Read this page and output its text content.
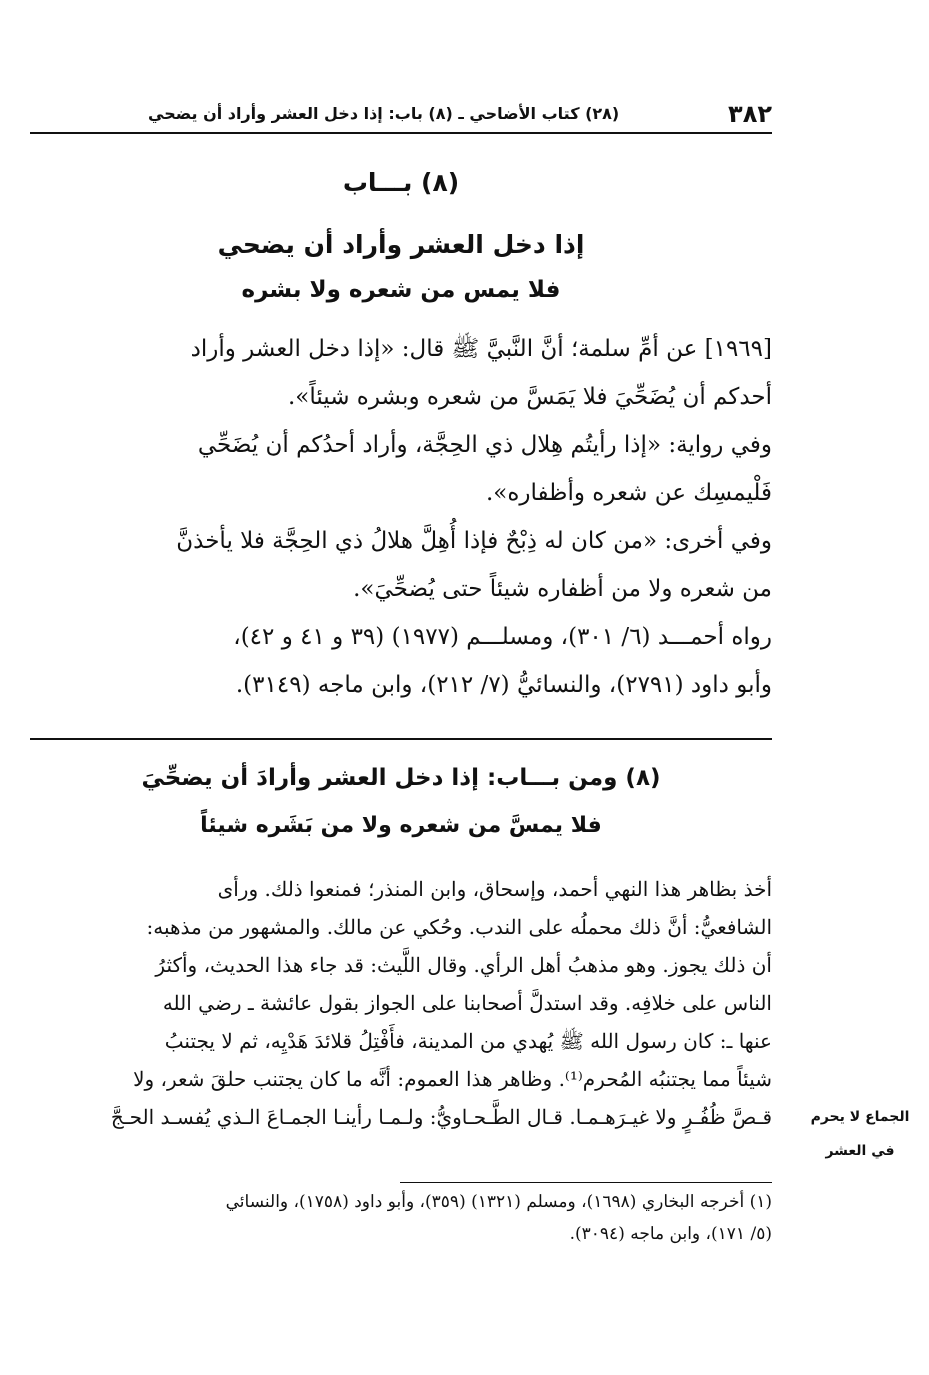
٣٨٢
(٢٨) كتاب الأضاحي ـ (٨) باب: إذا دخل العشر وأراد أن يضحي
(٨) بـــاب
إذا دخل العشر وأراد أن يضحي
فلا يمس من شعره ولا بشره
[١٩٦٩] عن أمِّ سلمة؛ أنَّ النَّبيَّ ﷺ قال: «إذا دخل العشر وأراد
أحدكم أن يُضَحِّيَ فلا يَمَسَّ من شعره وبشره شيئاً».
وفي رواية: «إذا رأيتُم هِلال ذي الحِجَّة، وأراد أحدُكم أن يُضَحِّي
فَلْيمسِك عن شعره وأظفاره».
وفي أخرى: «من كان له ذِبْحٌ فإذا أُهِلَّ هلالُ ذي الحِجَّة فلا يأخذنَّ
من شعره ولا من أظفاره شيئاً حتى يُضحِّيَ».
رواه أحمـــد (٦/ ٣٠١)، ومسلـــم (١٩٧٧) (٣٩ و ٤١ و ٤٢)،
وأبو داود (٢٧٩١)، والنسائيُّ (٧/ ٢١٢)، وابن ماجه (٣١٤٩).
(٨) ومن بـــاب: إذا دخل العشر وأرادَ أن يضحِّيَ
فلا يمسَّ من شعره ولا من بَشَره شيئاً
أخذ بظاهر هذا النهي أحمد، وإسحاق، وابن المنذر؛ فمنعوا ذلك. ورأى
الشافعيُّ: أنَّ ذلك محملُه على الندب. وحُكي عن مالك. والمشهور من مذهبه:
أن ذلك يجوز. وهو مذهبُ أهل الرأي. وقال اللَّيث: قد جاء هذا الحديث، وأكثرُ
الناس على خلافِه. وقد استدلَّ أصحابنا على الجواز بقول عائشة ـ رضي الله
عنها ـ: كان رسول الله ﷺ يُهدي من المدينة، فأَفْتِلُ قلائدَ هَدْيِه، ثم لا يجتنبُ
شيئاً مما يجتنبُه المُحرم⁽¹⁾. وظاهر هذا العموم: أنَّه ما كان يجتنب حلقَ شعر، ولا
قـصَّ ظُفُـرٍ ولا غيـرَهـمـا. قـال الطَّـحـاويُّ: ولـمـا رأينـا الجمـاعَ الـذي يُفسـد الحـجَّ	الجماع لا يحرم
في العشر
(١) أخرجه البخاري (١٦٩٨)، ومسلم (١٣٢١) (٣٥٩)، وأبو داود (١٧٥٨)، والنسائي
(٥/ ١٧١)، وابن ماجه (٣٠٩٤).
